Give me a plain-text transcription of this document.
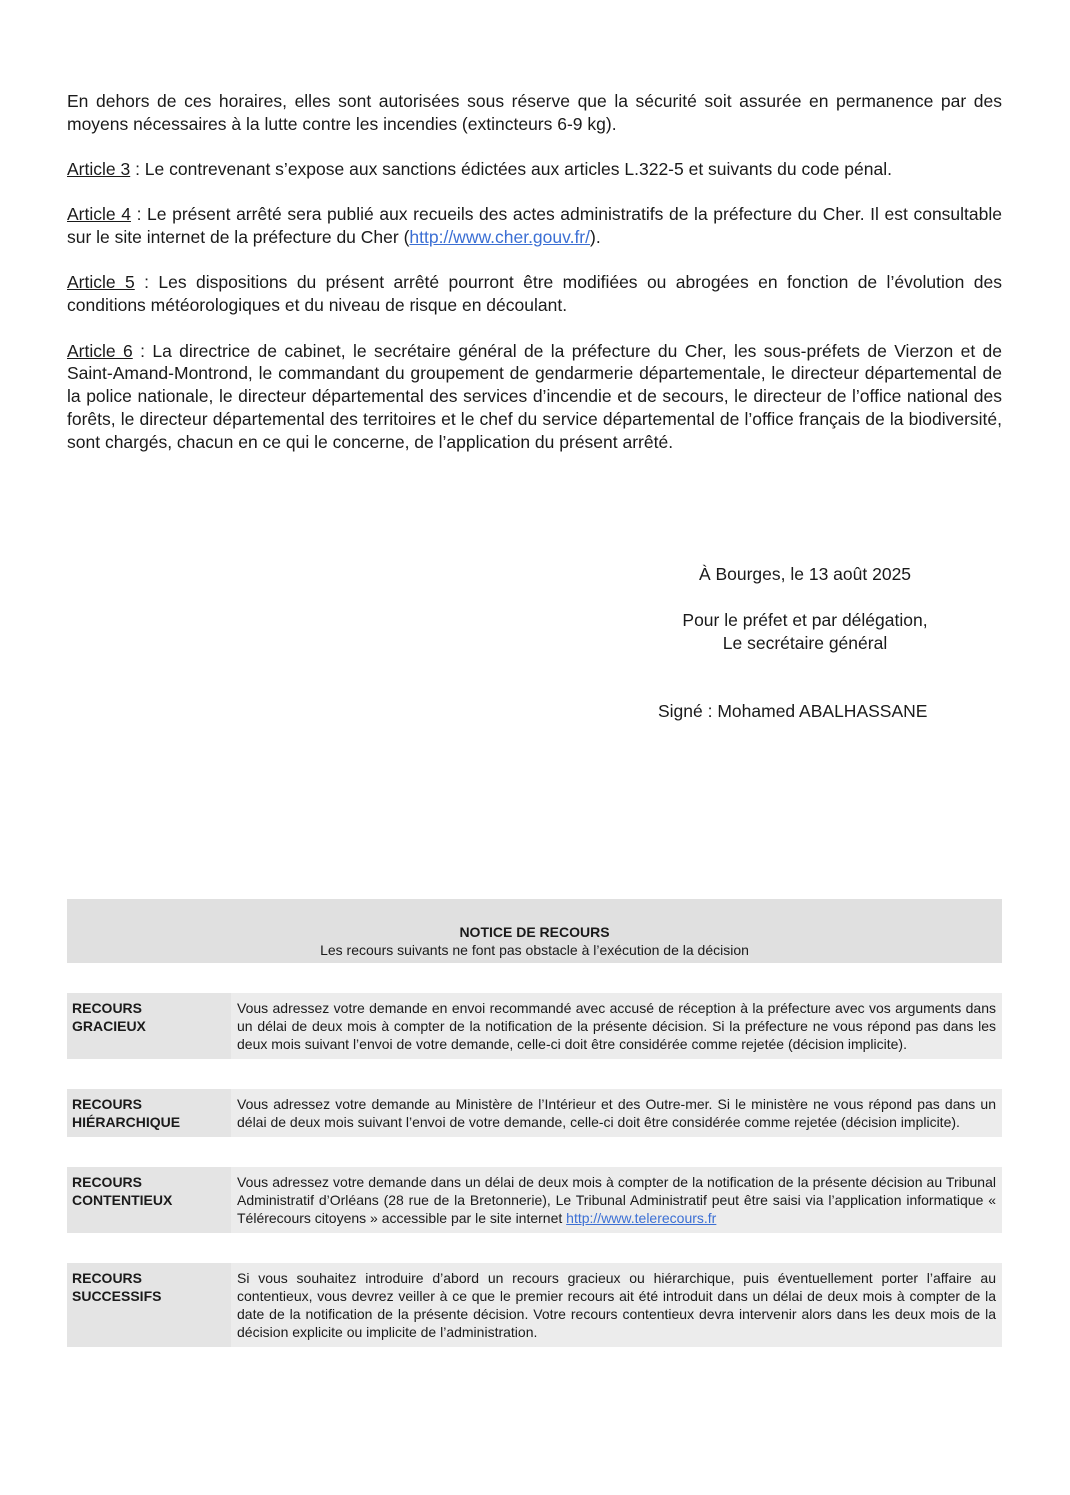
En dehors de ces horaires, elles sont autorisées sous réserve que la sécurité soit assurée en permanence par des moyens nécessaires à la lutte contre les incendies (extincteurs 6-9 kg).

Article 3 : Le contrevenant s’expose aux sanctions édictées aux articles L.322-5 et suivants du code pénal.

Article 4 : Le présent arrêté sera publié aux recueils des actes administratifs de la préfecture du Cher. Il est consultable sur le site internet de la préfecture du Cher (http://www.cher.gouv.fr/).

Article 5 : Les dispositions du présent arrêté pourront être modifiées ou abrogées en fonction de l’évolution des conditions météorologiques et du niveau de risque en découlant.

Article 6 : La directrice de cabinet, le secrétaire général de la préfecture du Cher, les sous-préfets de Vierzon et de Saint-Amand-Montrond, le commandant du groupement de gendarmerie départementale, le directeur départemental de la police nationale, le directeur départemental des services d’incendie et de secours, le directeur de l’office national des forêts, le directeur départemental des territoires et le chef du service départemental de l’office français de la biodiversité, sont chargés, chacun en ce qui le concerne, de l’application du présent arrêté.

À Bourges, le 13 août 2025
Pour le préfet et par délégation,
Le secrétaire général
Signé : Mohamed ABALHASSANE
NOTICE DE RECOURS
Les recours suivants ne font pas obstacle à l’exécution de la décision
RECOURS
GRACIEUX
Vous adressez votre demande en envoi recommandé avec accusé de réception à la préfecture avec vos arguments dans un délai de deux mois à compter de la notification de la présente décision. Si la préfecture ne vous répond pas dans les deux mois suivant l’envoi de votre demande, celle-ci doit être considérée comme rejetée (décision implicite).
RECOURS
HIÉRARCHIQUE
Vous adressez votre demande au Ministère de l’Intérieur et des Outre-mer. Si le ministère ne vous répond pas dans un délai de deux mois suivant l’envoi de votre demande, celle-ci doit être considérée comme rejetée (décision implicite).
RECOURS
CONTENTIEUX
Vous adressez votre demande dans un délai de deux mois à compter de la notification de la présente décision au Tribunal Administratif d’Orléans (28 rue de la Bretonnerie), Le Tribunal Administratif peut être saisi via l’application informatique « Télérecours citoyens » accessible par le site internet http://www.telerecours.fr
RECOURS
SUCCESSIFS
Si vous souhaitez introduire d’abord un recours gracieux ou hiérarchique, puis éventuellement porter l’affaire au contentieux, vous devrez veiller à ce que le premier recours ait été introduit dans un délai de deux mois à compter de la date de la notification de la présente décision. Votre recours contentieux devra intervenir alors dans les deux mois de la décision explicite ou implicite de l’administration.
